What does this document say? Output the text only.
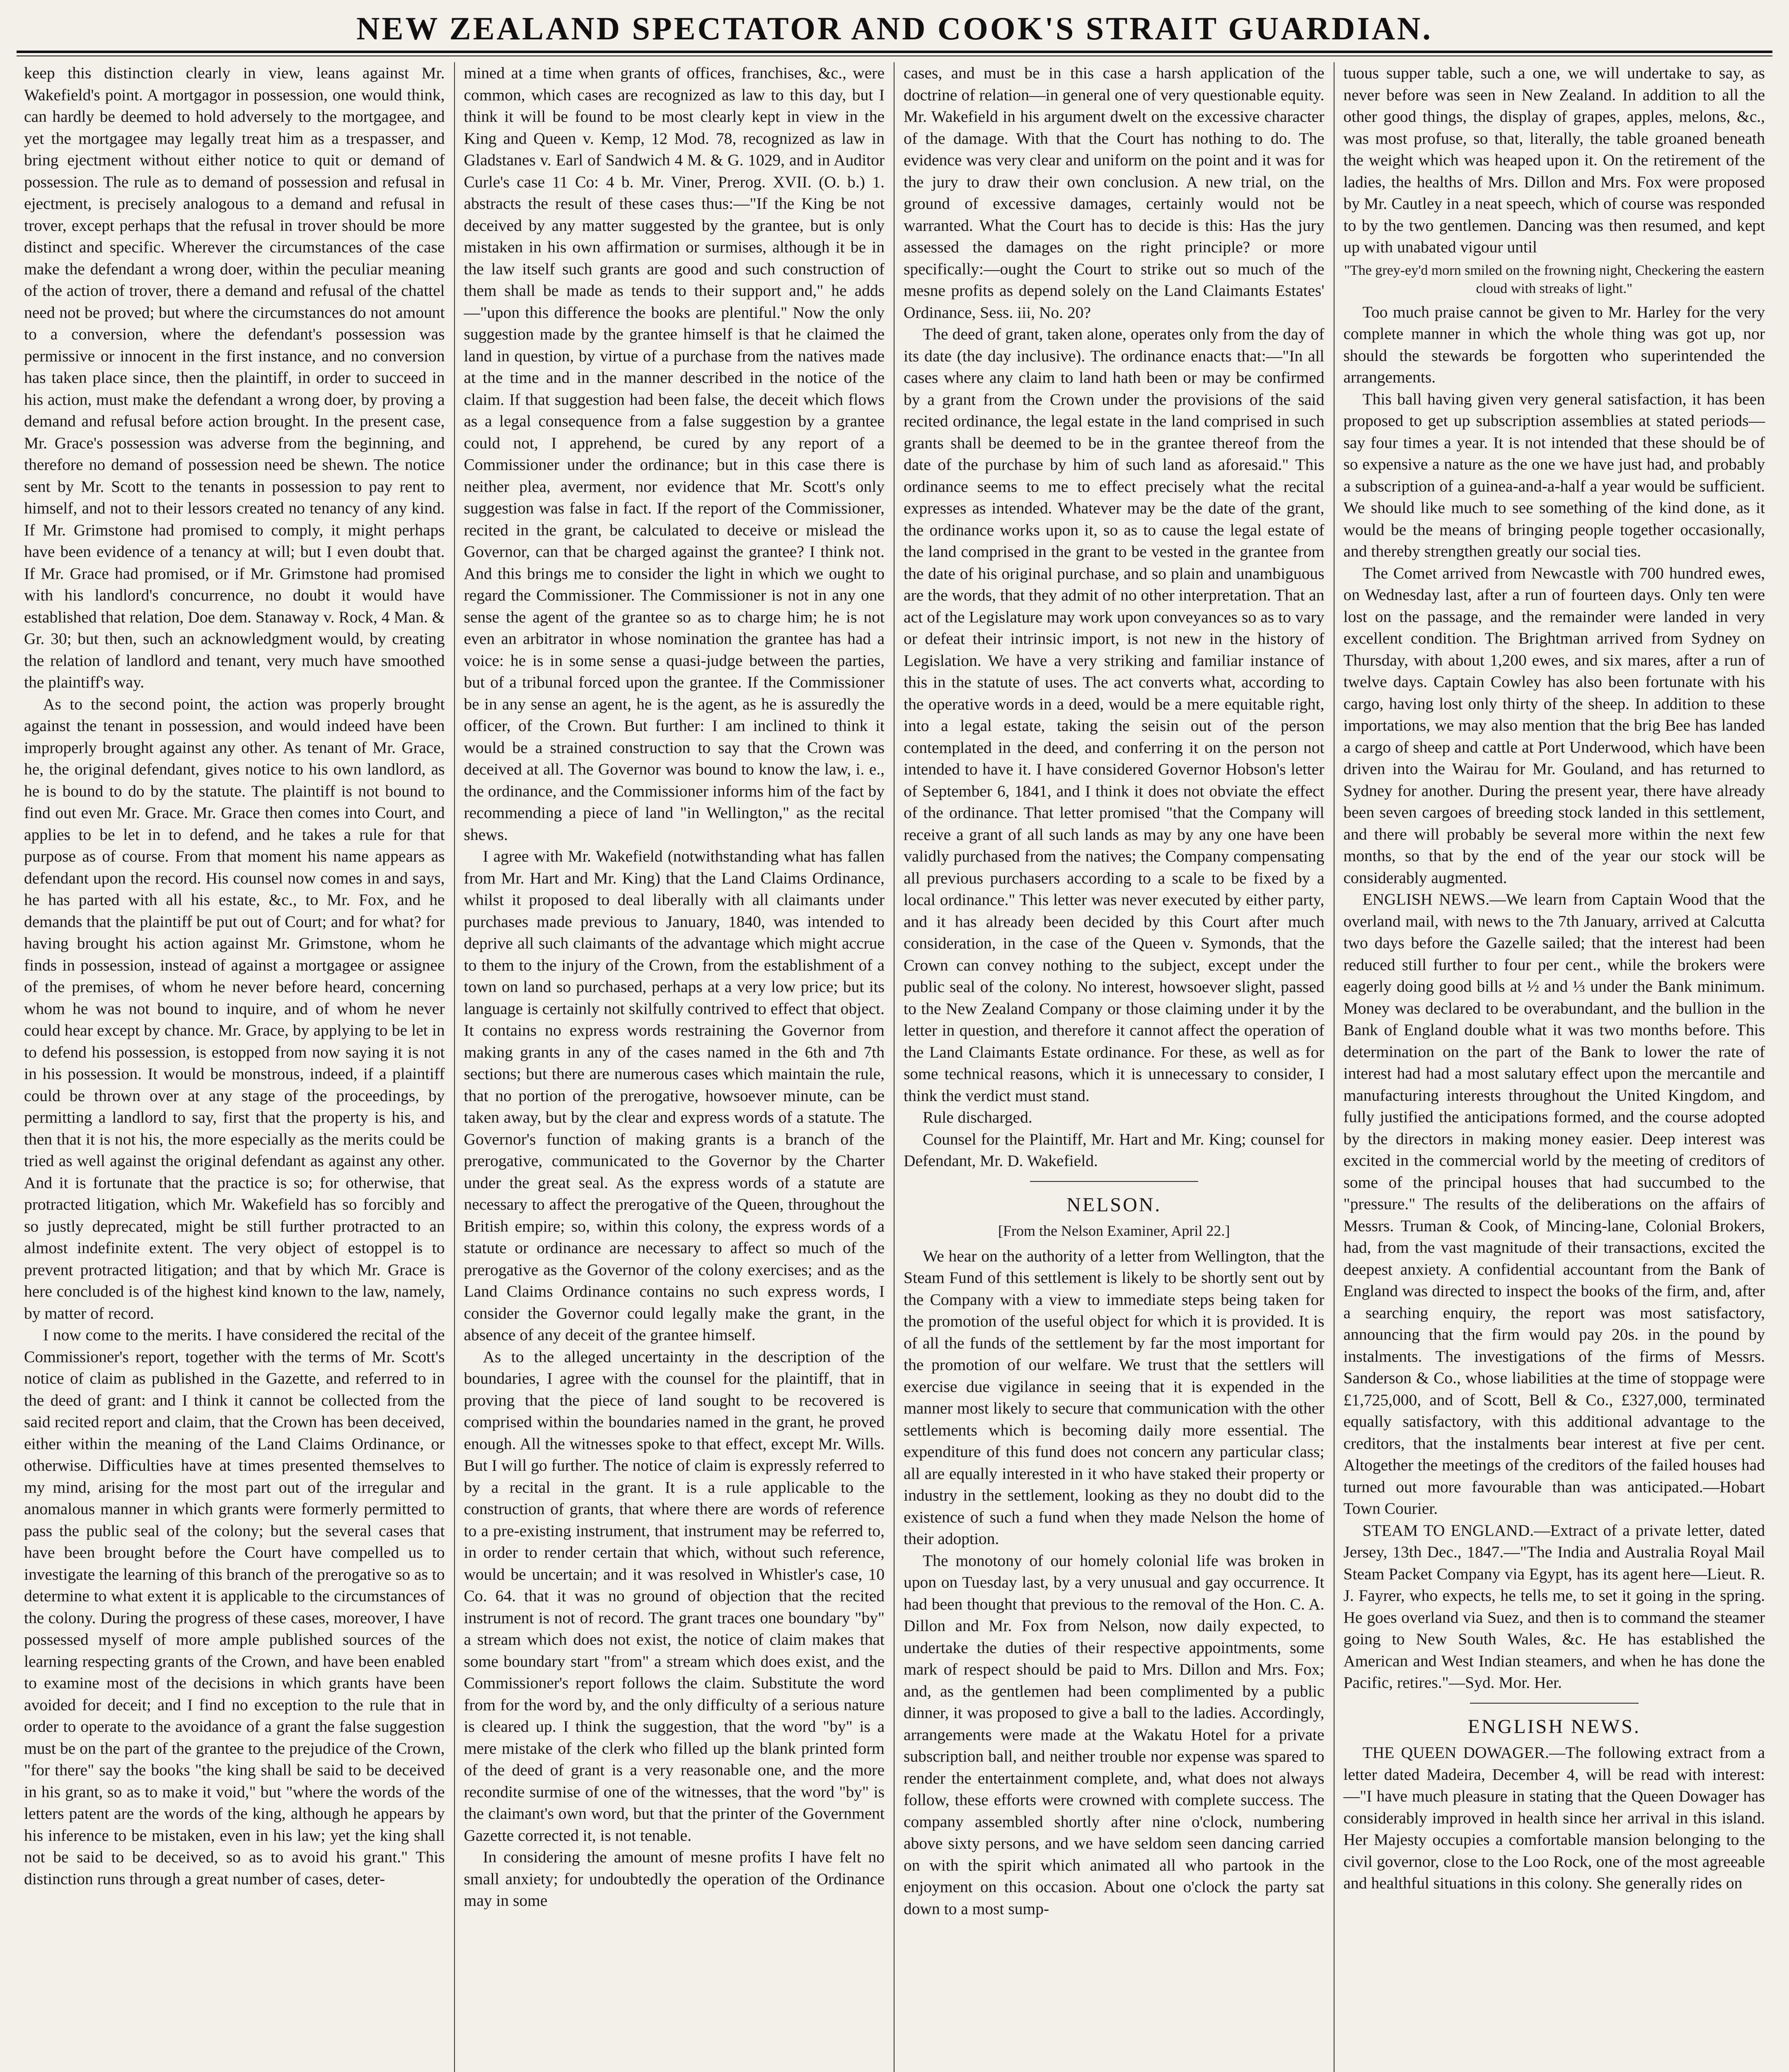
NEW ZEALAND SPECTATOR AND COOK'S STRAIT GUARDIAN.

keep this distinction clearly in view, leans against Mr. Wakefield's point. A mortgagor in possession, one would think, can hardly be deemed to hold adversely to the mortgagee, and yet the mortgagee may legally treat him as a trespasser, and bring ejectment without either notice to quit or demand of possession. The rule as to demand of possession and refusal in ejectment, is precisely analogous to a demand and refusal in trover, except perhaps that the refusal in trover should be more distinct and specific. Wherever the circumstances of the case make the defendant a wrong doer, within the peculiar meaning of the action of trover, there a demand and refusal of the chattel need not be proved; but where the circumstances do not amount to a conversion, where the defendant's possession was permissive or innocent in the first instance, and no conversion has taken place since, then the plaintiff, in order to succeed in his action, must make the defendant a wrong doer, by proving a demand and refusal before action brought. In the present case, Mr. Grace's possession was adverse from the beginning, and therefore no demand of possession need be shewn. The notice sent by Mr. Scott to the tenants in possession to pay rent to himself, and not to their lessors created no tenancy of any kind. If Mr. Grimstone had promised to comply, it might perhaps have been evidence of a tenancy at will; but I even doubt that. If Mr. Grace had promised, or if Mr. Grimstone had promised with his landlord's concurrence, no doubt it would have established that relation, Doe dem. Stanaway v. Rock, 4 Man. & Gr. 30; but then, such an acknowledgment would, by creating the relation of landlord and tenant, very much have smoothed the plaintiff's way.

As to the second point, the action was properly brought against the tenant in possession, and would indeed have been improperly brought against any other. As tenant of Mr. Grace, he, the original defendant, gives notice to his own landlord, as he is bound to do by the statute. The plaintiff is not bound to find out even Mr. Grace. Mr. Grace then comes into Court, and applies to be let in to defend, and he takes a rule for that purpose as of course. From that moment his name appears as defendant upon the record. His counsel now comes in and says, he has parted with all his estate, &c., to Mr. Fox, and he demands that the plaintiff be put out of Court; and for what? for having brought his action against Mr. Grimstone, whom he finds in possession, instead of against a mortgagee or assignee of the premises, of whom he never before heard, concerning whom he was not bound to inquire, and of whom he never could hear except by chance. Mr. Grace, by applying to be let in to defend his possession, is estopped from now saying it is not in his possession. It would be monstrous, indeed, if a plaintiff could be thrown over at any stage of the proceedings, by permitting a landlord to say, first that the property is his, and then that it is not his, the more especially as the merits could be tried as well against the original defendant as against any other. And it is fortunate that the practice is so; for otherwise, that protracted litigation, which Mr. Wakefield has so forcibly and so justly deprecated, might be still further protracted to an almost indefinite extent. The very object of estoppel is to prevent protracted litigation; and that by which Mr. Grace is here concluded is of the highest kind known to the law, namely, by matter of record.

I now come to the merits. I have considered the recital of the Commissioner's report, together with the terms of Mr. Scott's notice of claim as published in the Gazette, and referred to in the deed of grant: and I think it cannot be collected from the said recited report and claim, that the Crown has been deceived, either within the meaning of the Land Claims Ordinance, or otherwise. Difficulties have at times presented themselves to my mind, arising for the most part out of the irregular and anomalous manner in which grants were formerly permitted to pass the public seal of the colony; but the several cases that have been brought before the Court have compelled us to investigate the learning of this branch of the prerogative so as to determine to what extent it is applicable to the circumstances of the colony. During the progress of these cases, moreover, I have possessed myself of more ample published sources of the learning respecting grants of the Crown, and have been enabled to examine most of the decisions in which grants have been avoided for deceit; and I find no exception to the rule that in order to operate to the avoidance of a grant the false suggestion must be on the part of the grantee to the prejudice of the Crown, "for there" say the books "the king shall be said to be deceived in his grant, so as to make it void," but "where the words of the letters patent are the words of the king, although he appears by his inference to be mistaken, even in his law; yet the king shall not be said to be deceived, so as to avoid his grant." This distinction runs through a great number of cases, deter-

mined at a time when grants of offices, franchises, &c., were common, which cases are recognized as law to this day, but I think it will be found to be most clearly kept in view in the King and Queen v. Kemp, 12 Mod. 78, recognized as law in Gladstanes v. Earl of Sandwich 4 M. & G. 1029, and in Auditor Curle's case 11 Co: 4 b. Mr. Viner, Prerog. XVII. (O. b.) 1. abstracts the result of these cases thus:—"If the King be not deceived by any matter suggested by the grantee, but is only mistaken in his own affirmation or surmises, although it be in the law itself such grants are good and such construction of them shall be made as tends to their support and," he adds—"upon this difference the books are plentiful." Now the only suggestion made by the grantee himself is that he claimed the land in question, by virtue of a purchase from the natives made at the time and in the manner described in the notice of the claim. If that suggestion had been false, the deceit which flows as a legal consequence from a false suggestion by a grantee could not, I apprehend, be cured by any report of a Commissioner under the ordinance; but in this case there is neither plea, averment, nor evidence that Mr. Scott's only suggestion was false in fact. If the report of the Commissioner, recited in the grant, be calculated to deceive or mislead the Governor, can that be charged against the grantee? I think not. And this brings me to consider the light in which we ought to regard the Commissioner. The Commissioner is not in any one sense the agent of the grantee so as to charge him; he is not even an arbitrator in whose nomination the grantee has had a voice: he is in some sense a quasi-judge between the parties, but of a tribunal forced upon the grantee. If the Commissioner be in any sense an agent, he is the agent, as he is assuredly the officer, of the Crown. But further: I am inclined to think it would be a strained construction to say that the Crown was deceived at all. The Governor was bound to know the law, i. e., the ordinance, and the Commissioner informs him of the fact by recommending a piece of land "in Wellington," as the recital shews.

I agree with Mr. Wakefield (notwithstanding what has fallen from Mr. Hart and Mr. King) that the Land Claims Ordinance, whilst it proposed to deal liberally with all claimants under purchases made previous to January, 1840, was intended to deprive all such claimants of the advantage which might accrue to them to the injury of the Crown, from the establishment of a town on land so purchased, perhaps at a very low price; but its language is certainly not skilfully contrived to effect that object. It contains no express words restraining the Governor from making grants in any of the cases named in the 6th and 7th sections; but there are numerous cases which maintain the rule, that no portion of the prerogative, howsoever minute, can be taken away, but by the clear and express words of a statute. The Governor's function of making grants is a branch of the prerogative, communicated to the Governor by the Charter under the great seal. As the express words of a statute are necessary to affect the prerogative of the Queen, throughout the British empire; so, within this colony, the express words of a statute or ordinance are necessary to affect so much of the prerogative as the Governor of the colony exercises; and as the Land Claims Ordinance contains no such express words, I consider the Governor could legally make the grant, in the absence of any deceit of the grantee himself.

As to the alleged uncertainty in the description of the boundaries, I agree with the counsel for the plaintiff, that in proving that the piece of land sought to be recovered is comprised within the boundaries named in the grant, he proved enough. All the witnesses spoke to that effect, except Mr. Wills. But I will go further. The notice of claim is expressly referred to by a recital in the grant. It is a rule applicable to the construction of grants, that where there are words of reference to a pre-existing instrument, that instrument may be referred to, in order to render certain that which, without such reference, would be uncertain; and it was resolved in Whistler's case, 10 Co. 64. that it was no ground of objection that the recited instrument is not of record. The grant traces one boundary "by" a stream which does not exist, the notice of claim makes that some boundary start "from" a stream which does exist, and the Commissioner's report follows the claim. Substitute the word from for the word by, and the only difficulty of a serious nature is cleared up. I think the suggestion, that the word "by" is a mere mistake of the clerk who filled up the blank printed form of the deed of grant is a very reasonable one, and the more recondite surmise of one of the witnesses, that the word "by" is the claimant's own word, but that the printer of the Government Gazette corrected it, is not tenable.

In considering the amount of mesne profits I have felt no small anxiety; for undoubtedly the operation of the Ordinance may in some

cases, and must be in this case a harsh application of the doctrine of relation—in general one of very questionable equity. Mr. Wakefield in his argument dwelt on the excessive character of the damage. With that the Court has nothing to do. The evidence was very clear and uniform on the point and it was for the jury to draw their own conclusion. A new trial, on the ground of excessive damages, certainly would not be warranted. What the Court has to decide is this: Has the jury assessed the damages on the right principle? or more specifically:—ought the Court to strike out so much of the mesne profits as depend solely on the Land Claimants Estates' Ordinance, Sess. iii, No. 20?

The deed of grant, taken alone, operates only from the day of its date (the day inclusive). The ordinance enacts that:—"In all cases where any claim to land hath been or may be confirmed by a grant from the Crown under the provisions of the said recited ordinance, the legal estate in the land comprised in such grants shall be deemed to be in the grantee thereof from the date of the purchase by him of such land as aforesaid." This ordinance seems to me to effect precisely what the recital expresses as intended. Whatever may be the date of the grant, the ordinance works upon it, so as to cause the legal estate of the land comprised in the grant to be vested in the grantee from the date of his original purchase, and so plain and unambiguous are the words, that they admit of no other interpretation. That an act of the Legislature may work upon conveyances so as to vary or defeat their intrinsic import, is not new in the history of Legislation. We have a very striking and familiar instance of this in the statute of uses. The act converts what, according to the operative words in a deed, would be a mere equitable right, into a legal estate, taking the seisin out of the person contemplated in the deed, and conferring it on the person not intended to have it. I have considered Governor Hobson's letter of September 6, 1841, and I think it does not obviate the effect of the ordinance. That letter promised "that the Company will receive a grant of all such lands as may by any one have been validly purchased from the natives; the Company compensating all previous purchasers according to a scale to be fixed by a local ordinance." This letter was never executed by either party, and it has already been decided by this Court after much consideration, in the case of the Queen v. Symonds, that the Crown can convey nothing to the subject, except under the public seal of the colony. No interest, howsoever slight, passed to the New Zealand Company or those claiming under it by the letter in question, and therefore it cannot affect the operation of the Land Claimants Estate ordinance. For these, as well as for some technical reasons, which it is unnecessary to consider, I think the verdict must stand.

Rule discharged.

Counsel for the Plaintiff, Mr. Hart and Mr. King; counsel for Defendant, Mr. D. Wakefield.

NELSON.

[From the Nelson Examiner, April 22.]

We hear on the authority of a letter from Wellington, that the Steam Fund of this settlement is likely to be shortly sent out by the Company with a view to immediate steps being taken for the promotion of the useful object for which it is provided. It is of all the funds of the settlement by far the most important for the promotion of our welfare. We trust that the settlers will exercise due vigilance in seeing that it is expended in the manner most likely to secure that communication with the other settlements which is becoming daily more essential. The expenditure of this fund does not concern any particular class; all are equally interested in it who have staked their property or industry in the settlement, looking as they no doubt did to the existence of such a fund when they made Nelson the home of their adoption.

The monotony of our homely colonial life was broken in upon on Tuesday last, by a very unusual and gay occurrence. It had been thought that previous to the removal of the Hon. C. A. Dillon and Mr. Fox from Nelson, now daily expected, to undertake the duties of their respective appointments, some mark of respect should be paid to Mrs. Dillon and Mrs. Fox; and, as the gentlemen had been complimented by a public dinner, it was proposed to give a ball to the ladies. Accordingly, arrangements were made at the Wakatu Hotel for a private subscription ball, and neither trouble nor expense was spared to render the entertainment complete, and, what does not always follow, these efforts were crowned with complete success. The company assembled shortly after nine o'clock, numbering above sixty persons, and we have seldom seen dancing carried on with the spirit which animated all who partook in the enjoyment on this occasion. About one o'clock the party sat down to a most sump-

tuous supper table, such a one, we will undertake to say, as never before was seen in New Zealand. In addition to all the other good things, the display of grapes, apples, melons, &c., was most profuse, so that, literally, the table groaned beneath the weight which was heaped upon it. On the retirement of the ladies, the healths of Mrs. Dillon and Mrs. Fox were proposed by Mr. Cautley in a neat speech, which of course was responded to by the two gentlemen. Dancing was then resumed, and kept up with unabated vigour until

"The grey-ey'd morn smiled on the frowning night, Checkering the eastern cloud with streaks of light."

Too much praise cannot be given to Mr. Harley for the very complete manner in which the whole thing was got up, nor should the stewards be forgotten who superintended the arrangements.

This ball having given very general satisfaction, it has been proposed to get up subscription assemblies at stated periods—say four times a year. It is not intended that these should be of so expensive a nature as the one we have just had, and probably a subscription of a guinea-and-a-half a year would be sufficient. We should like much to see something of the kind done, as it would be the means of bringing people together occasionally, and thereby strengthen greatly our social ties.

The Comet arrived from Newcastle with 700 hundred ewes, on Wednesday last, after a run of fourteen days. Only ten were lost on the passage, and the remainder were landed in very excellent condition. The Brightman arrived from Sydney on Thursday, with about 1,200 ewes, and six mares, after a run of twelve days. Captain Cowley has also been fortunate with his cargo, having lost only thirty of the sheep. In addition to these importations, we may also mention that the brig Bee has landed a cargo of sheep and cattle at Port Underwood, which have been driven into the Wairau for Mr. Gouland, and has returned to Sydney for another. During the present year, there have already been seven cargoes of breeding stock landed in this settlement, and there will probably be several more within the next few months, so that by the end of the year our stock will be considerably augmented.

ENGLISH NEWS.—We learn from Captain Wood that the overland mail, with news to the 7th January, arrived at Calcutta two days before the Gazelle sailed; that the interest had been reduced still further to four per cent., while the brokers were eagerly doing good bills at ½ and ⅓ under the Bank minimum. Money was declared to be overabundant, and the bullion in the Bank of England double what it was two months before. This determination on the part of the Bank to lower the rate of interest had had a most salutary effect upon the mercantile and manufacturing interests throughout the United Kingdom, and fully justified the anticipations formed, and the course adopted by the directors in making money easier. Deep interest was excited in the commercial world by the meeting of creditors of some of the principal houses that had succumbed to the "pressure." The results of the deliberations on the affairs of Messrs. Truman & Cook, of Mincing-lane, Colonial Brokers, had, from the vast magnitude of their transactions, excited the deepest anxiety. A confidential accountant from the Bank of England was directed to inspect the books of the firm, and, after a searching enquiry, the report was most satisfactory, announcing that the firm would pay 20s. in the pound by instalments. The investigations of the firms of Messrs. Sanderson & Co., whose liabilities at the time of stoppage were £1,725,000, and of Scott, Bell & Co., £327,000, terminated equally satisfactory, with this additional advantage to the creditors, that the instalments bear interest at five per cent. Altogether the meetings of the creditors of the failed houses had turned out more favourable than was anticipated.—Hobart Town Courier.

STEAM TO ENGLAND.—Extract of a private letter, dated Jersey, 13th Dec., 1847.—"The India and Australia Royal Mail Steam Packet Company via Egypt, has its agent here—Lieut. R. J. Fayrer, who expects, he tells me, to set it going in the spring. He goes overland via Suez, and then is to command the steamer going to New South Wales, &c. He has established the American and West Indian steamers, and when he has done the Pacific, retires."—Syd. Mor. Her.

ENGLISH NEWS.

THE QUEEN DOWAGER.—The following extract from a letter dated Madeira, December 4, will be read with interest:—"I have much pleasure in stating that the Queen Dowager has considerably improved in health since her arrival in this island. Her Majesty occupies a comfortable mansion belonging to the civil governor, close to the Loo Rock, one of the most agreeable and healthful situations in this colony. She generally rides on
